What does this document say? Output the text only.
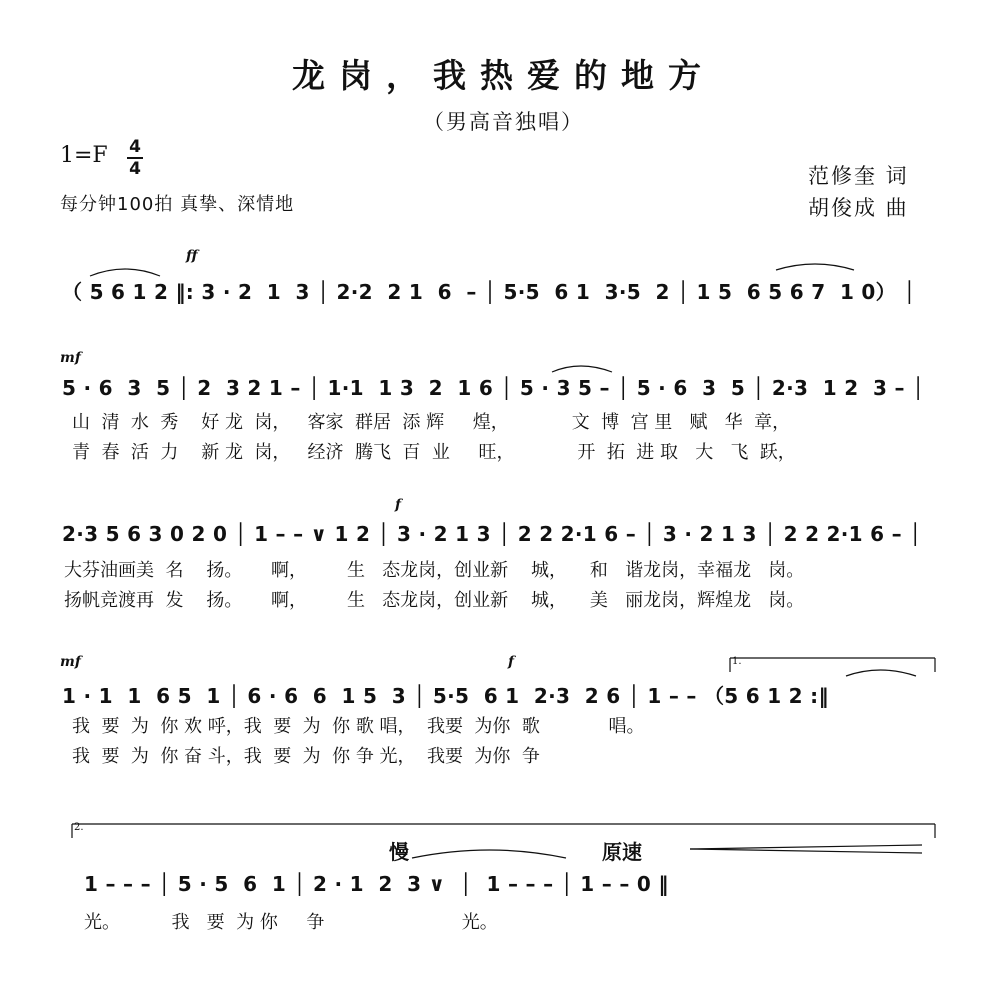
龙岗，我热爱的地方
（男高音独唱）
1=F 4
4
每分钟100拍 真挚、深情地
范修奎 词
胡俊成 曲
ff
mf
f
mf	f
（ 5 6 1 2 ‖: 3 · 2  1  3 │ 2·2  2 1  6  – │ 5·5  6 1  3·5  2 │ 1 5  6 5 6 7  1 0） │
5 · 6  3  5 │ 2  3 2 1 – │ 1·1  1 3  2  1 6 │ 5 · 3 5 – │ 5 · 6  3  5 │ 2·3  1 2  3 – │
山  清  水  秀    好 龙  岗，   客家  群居  添 辉     煌，           文  博  宫 里   赋   华  章，
青  春  活  力    新 龙  岗，   经济  腾飞  百  业     旺，           开  拓  进 取   大   飞  跃，
2·3 5 6 3 0 2 0 │ 1 – – ∨ 1 2 │ 3 · 2 1 3 │ 2 2 2·1 6 – │ 3 · 2 1 3 │ 2 2 2·1 6 – │
大芬油画美  名    扬。     啊，       生   态龙岗，创业新    城，    和   谐龙岗，幸福龙   岗。
扬帆竞渡再  发    扬。     啊，       生   态龙岗，创业新    城，    美   丽龙岗，辉煌龙   岗。
1.
1 · 1  1  6 5  1 │ 6 · 6  6  1 5  3 │ 5·5  6 1  2·3  2 6 │ 1 – – （5 6 1 2 :‖
我  要  为  你 欢 呼，我  要  为  你 歌 唱，  我要  为你  歌            唱。
我  要  为  你 奋 斗，我  要  为  你 争 光，  我要  为你  争
2.
慢	原速
1 – – – │ 5 · 5  6  1 │ 2 · 1  2  3 ∨  │  1 – – – │ 1 – – 0 ‖
光。         我   要  为 你     争                        光。
